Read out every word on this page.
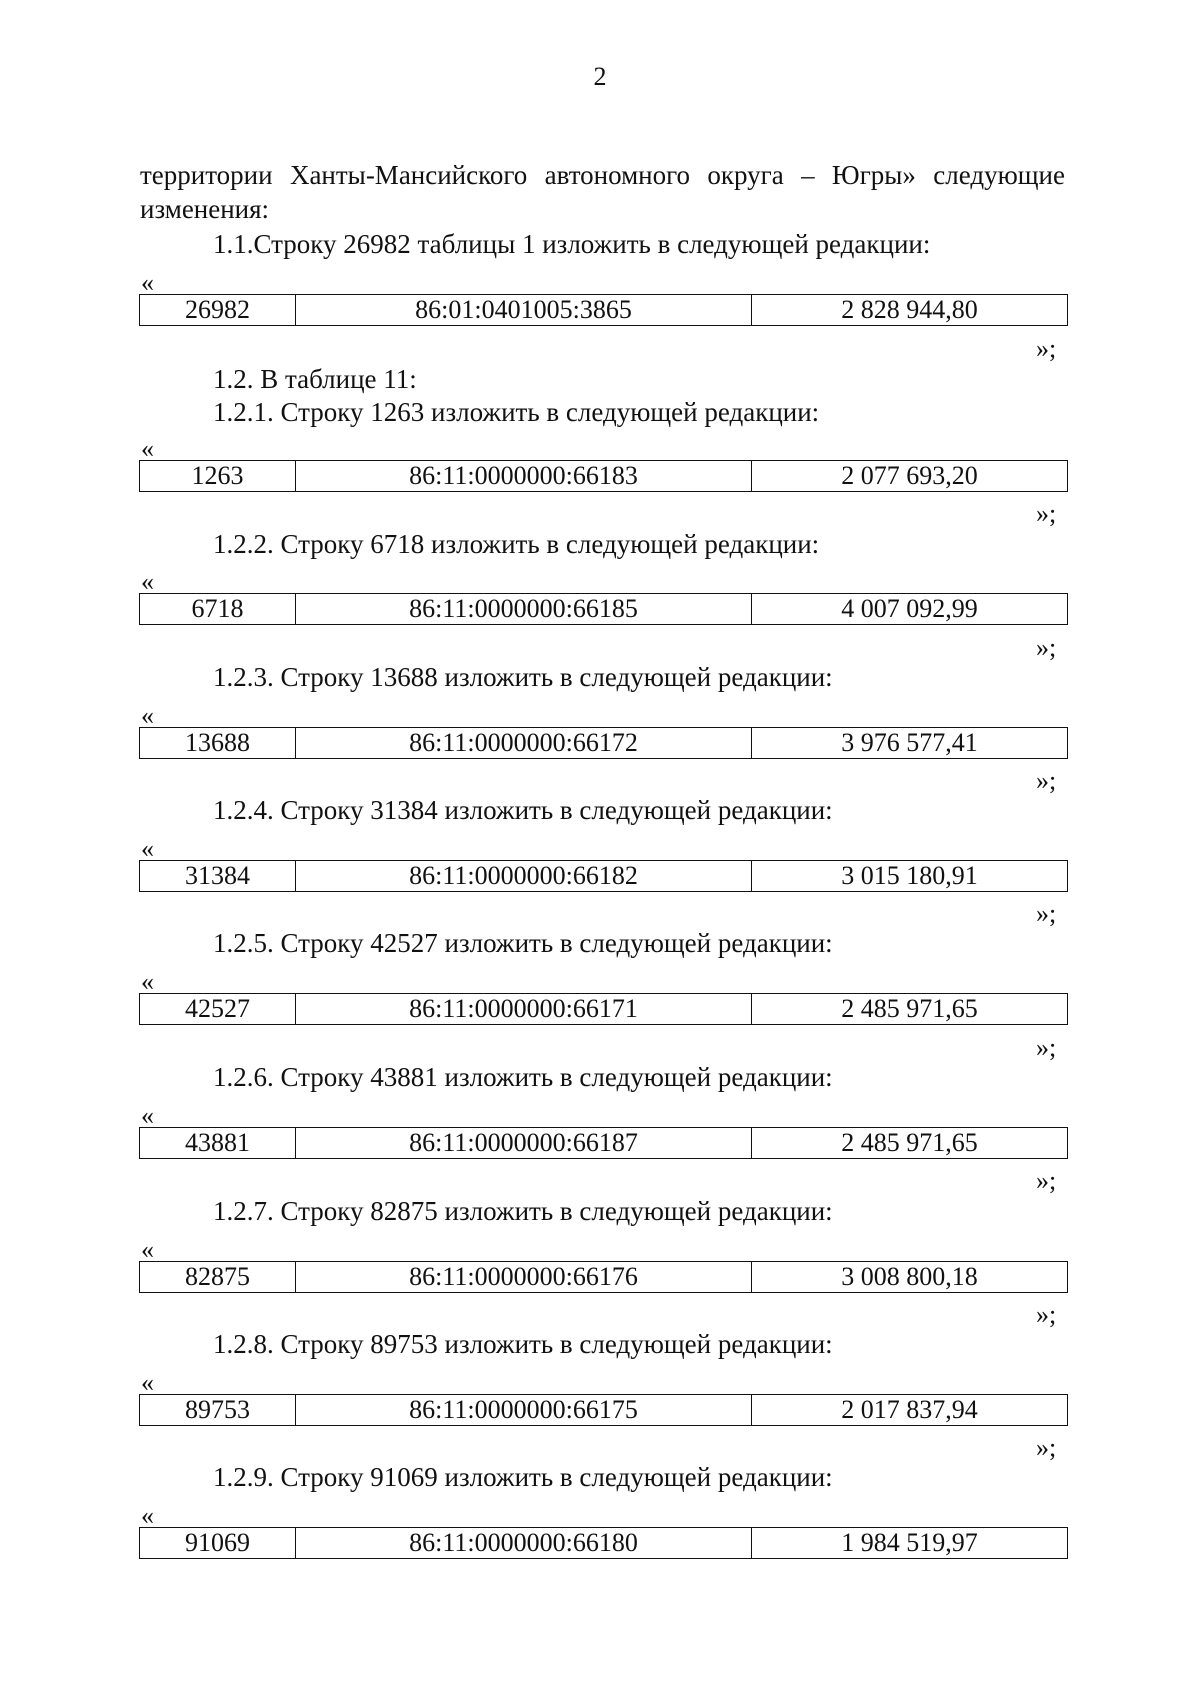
2
территории Ханты-Мансийского автономного округа – Югры» следующие
изменения:
1.1.Строку 26982 таблицы 1 изложить в следующей редакции:
«
26982	86:01:0401005:3865	2 828 944,80
»;
1.2. В таблице 11:
1.2.1. Строку 1263 изложить в следующей редакции:
«
1263	86:11:0000000:66183	2 077 693,20
»;
1.2.2. Строку 6718 изложить в следующей редакции:
«
6718	86:11:0000000:66185	4 007 092,99
»;
1.2.3. Строку 13688 изложить в следующей редакции:
«
13688	86:11:0000000:66172	3 976 577,41
»;
1.2.4. Строку 31384 изложить в следующей редакции:
«
31384	86:11:0000000:66182	3 015 180,91
»;
1.2.5. Строку 42527 изложить в следующей редакции:
«
42527	86:11:0000000:66171	2 485 971,65
»;
1.2.6. Строку 43881 изложить в следующей редакции:
«
43881	86:11:0000000:66187	2 485 971,65
»;
1.2.7. Строку 82875 изложить в следующей редакции:
«
82875	86:11:0000000:66176	3 008 800,18
»;
1.2.8. Строку 89753 изложить в следующей редакции:
«
89753	86:11:0000000:66175	2 017 837,94
»;
1.2.9. Строку 91069 изложить в следующей редакции:
«
91069	86:11:0000000:66180	1 984 519,97
